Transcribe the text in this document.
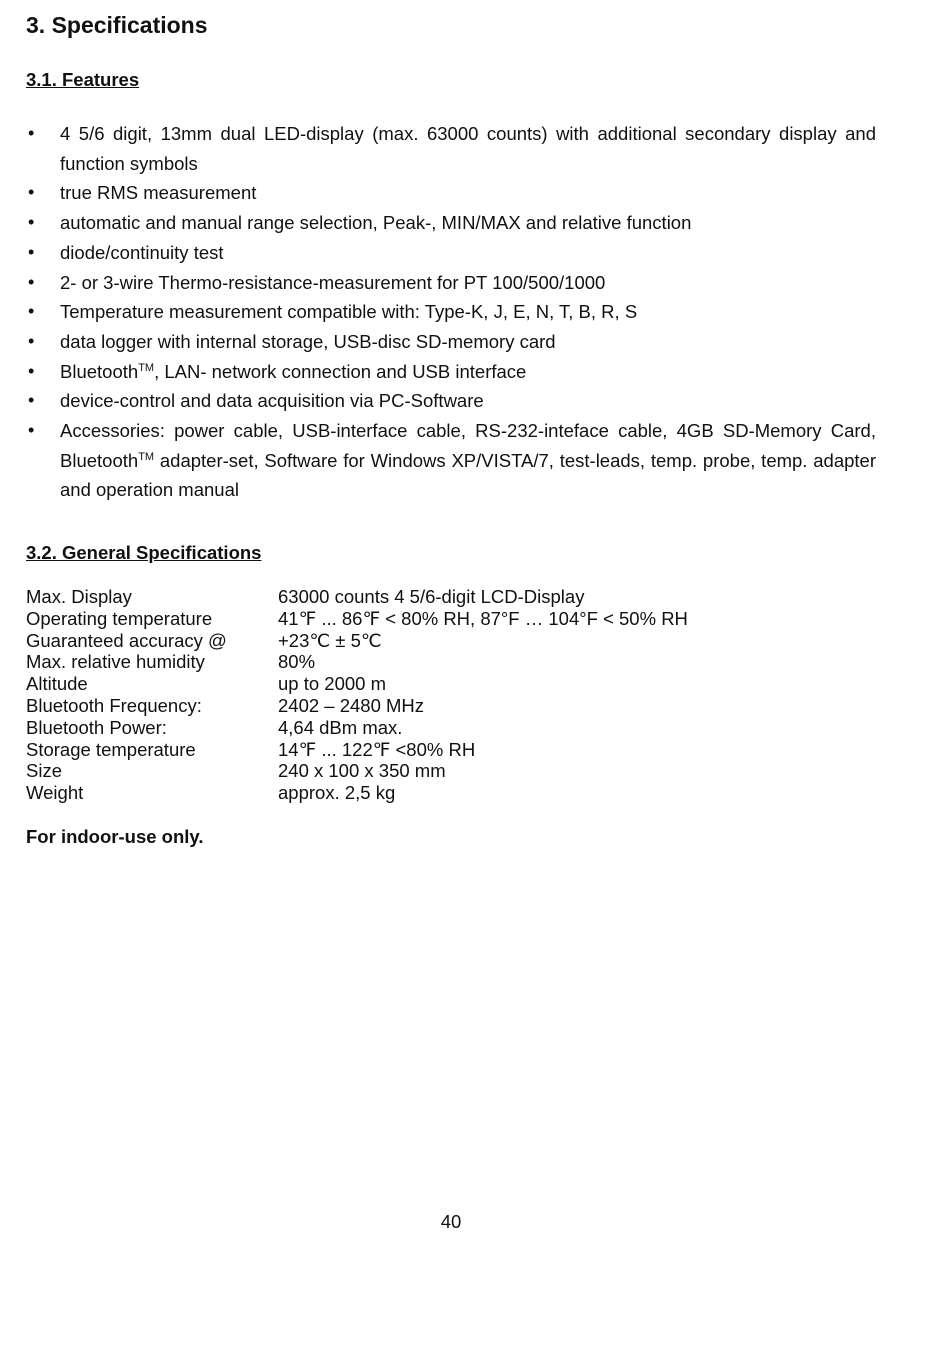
3. Specifications
3.1. Features
• 4 5/6 digit, 13mm dual LED-display (max. 63000 counts) with additional secondary display and function symbols
• true RMS measurement
• automatic and manual range selection, Peak-, MIN/MAX and relative function
• diode/continuity test
• 2- or 3-wire Thermo-resistance-measurement for PT 100/500/1000
• Temperature measurement compatible with: Type-K, J, E, N, T, B, R, S
• data logger with internal storage, USB-disc SD-memory card
• Bluetooth™, LAN- network connection and USB interface
• device-control and data acquisition via PC-Software
• Accessories: power cable, USB-interface cable, RS-232-inteface cable, 4GB SD-Memory Card, Bluetooth™ adapter-set, Software for Windows XP/VISTA/7, test-leads, temp. probe, temp. adapter and operation manual
3.2. General Specifications
Max. Display	63000 counts 4 5/6-digit LCD-Display
Operating temperature	41℉ ... 86℉ < 80% RH, 87°F … 104°F < 50% RH
Guaranteed accuracy @	+23℃ ± 5℃
Max. relative humidity	80%
Altitude	up to 2000 m
Bluetooth Frequency:	2402 – 2480 MHz
Bluetooth Power:	4,64 dBm max.
Storage temperature	14℉ ... 122℉ <80% RH
Size	240 x 100 x 350 mm
Weight	approx. 2,5 kg

For indoor-use only.

40
